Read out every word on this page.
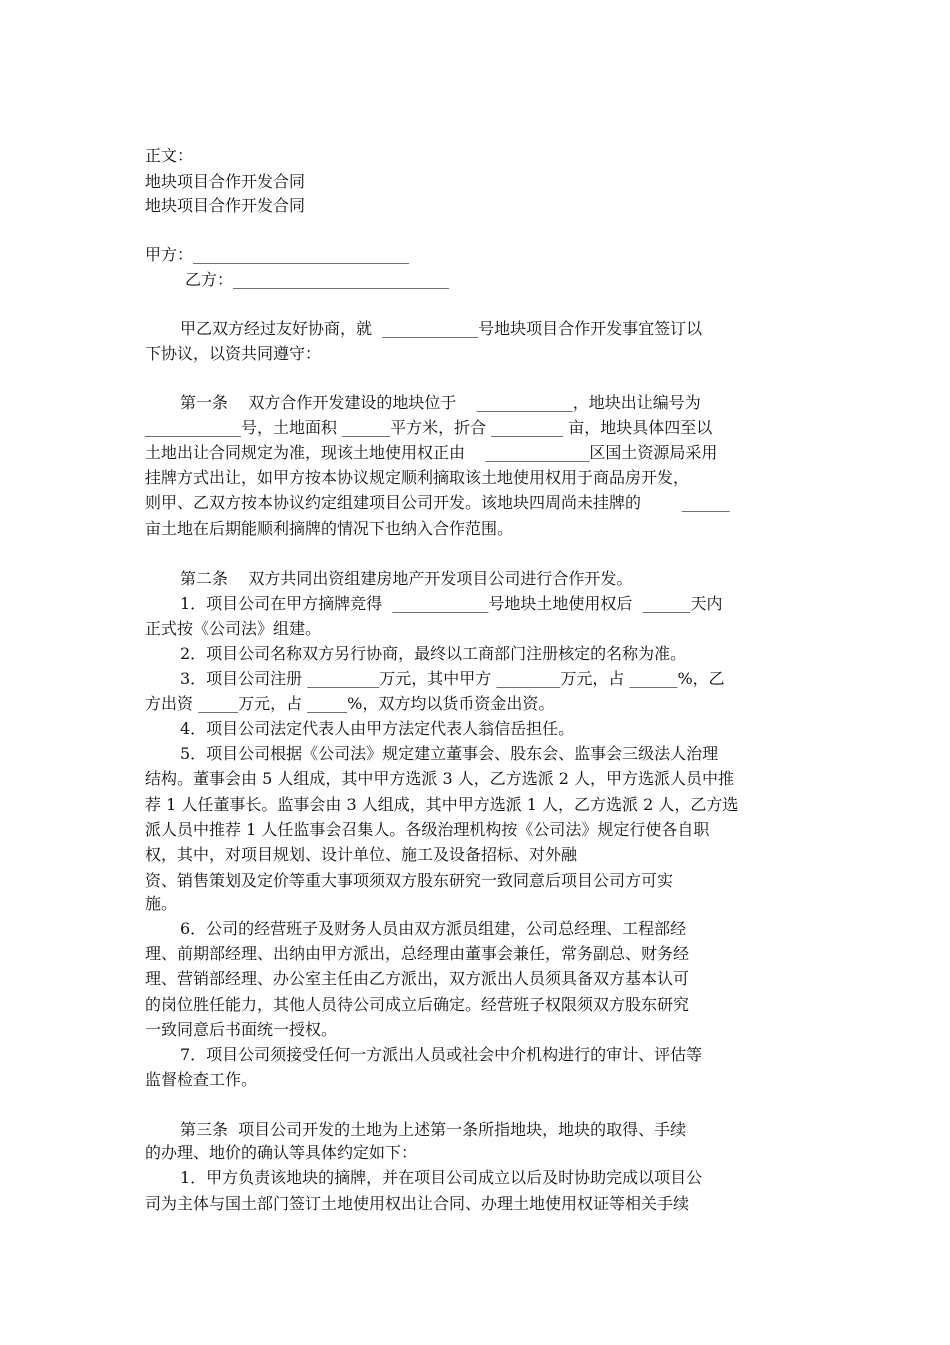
正文：

地块项目合作开发合同

地块项目合作开发合同

甲方：___________________________

乙方：___________________________

甲乙双方经过友好协商，就  ____________号地块项目合作开发事宜签订以

下协议，以资共同遵守：

第一条    双方合作开发建设的地块位于    ____________，地块出让编号为

____________号，土地面积 ______平方米，折合 _________ 亩，地块具体四至以

土地出让合同规定为准，现该土地使用权正由    _____________区国土资源局采用

挂牌方式出让，如甲方按本协议规定顺利摘取该土地使用权用于商品房开发，

则甲、乙双方按本协议约定组建项目公司开发。该地块四周尚未挂牌的        ______

亩土地在后期能顺利摘牌的情况下也纳入合作范围。

第二条    双方共同出资组建房地产开发项目公司进行合作开发。

1．项目公司在甲方摘牌竞得  ____________号地块土地使用权后  ______天内

正式按《公司法》组建。

2．项目公司名称双方另行协商，最终以工商部门注册核定的名称为准。

3．项目公司注册 _________万元，其中甲方 ________万元，占 ______%，乙

方出资 _____万元，占 _____%，双方均以货币资金出资。

4．项目公司法定代表人由甲方法定代表人翁信岳担任。

5．项目公司根据《公司法》规定建立董事会、股东会、监事会三级法人治理

结构。董事会由 5 人组成，其中甲方选派 3 人，乙方选派 2 人，甲方选派人员中推

荐 1 人任董事长。监事会由 3 人组成，其中甲方选派 1 人，乙方选派 2 人，乙方选

派人员中推荐 1 人任监事会召集人。各级治理机构按《公司法》规定行使各自职

权，其中，对项目规划、设计单位、施工及设备招标、对外融

资、销售策划及定价等重大事项须双方股东研究一致同意后项目公司方可实

施。

6．公司的经营班子及财务人员由双方派员组建，公司总经理、工程部经

理、前期部经理、出纳由甲方派出，总经理由董事会兼任，常务副总、财务经

理、营销部经理、办公室主任由乙方派出，双方派出人员须具备双方基本认可

的岗位胜任能力，其他人员待公司成立后确定。经营班子权限须双方股东研究

一致同意后书面统一授权。

7．项目公司须接受任何一方派出人员或社会中介机构进行的审计、评估等

监督检查工作。

第三条  项目公司开发的土地为上述第一条所指地块，地块的取得、手续

的办理、地价的确认等具体约定如下：

1．甲方负责该地块的摘牌，并在项目公司成立以后及时协助完成以项目公

司为主体与国土部门签订土地使用权出让合同、办理土地使用权证等相关手续
